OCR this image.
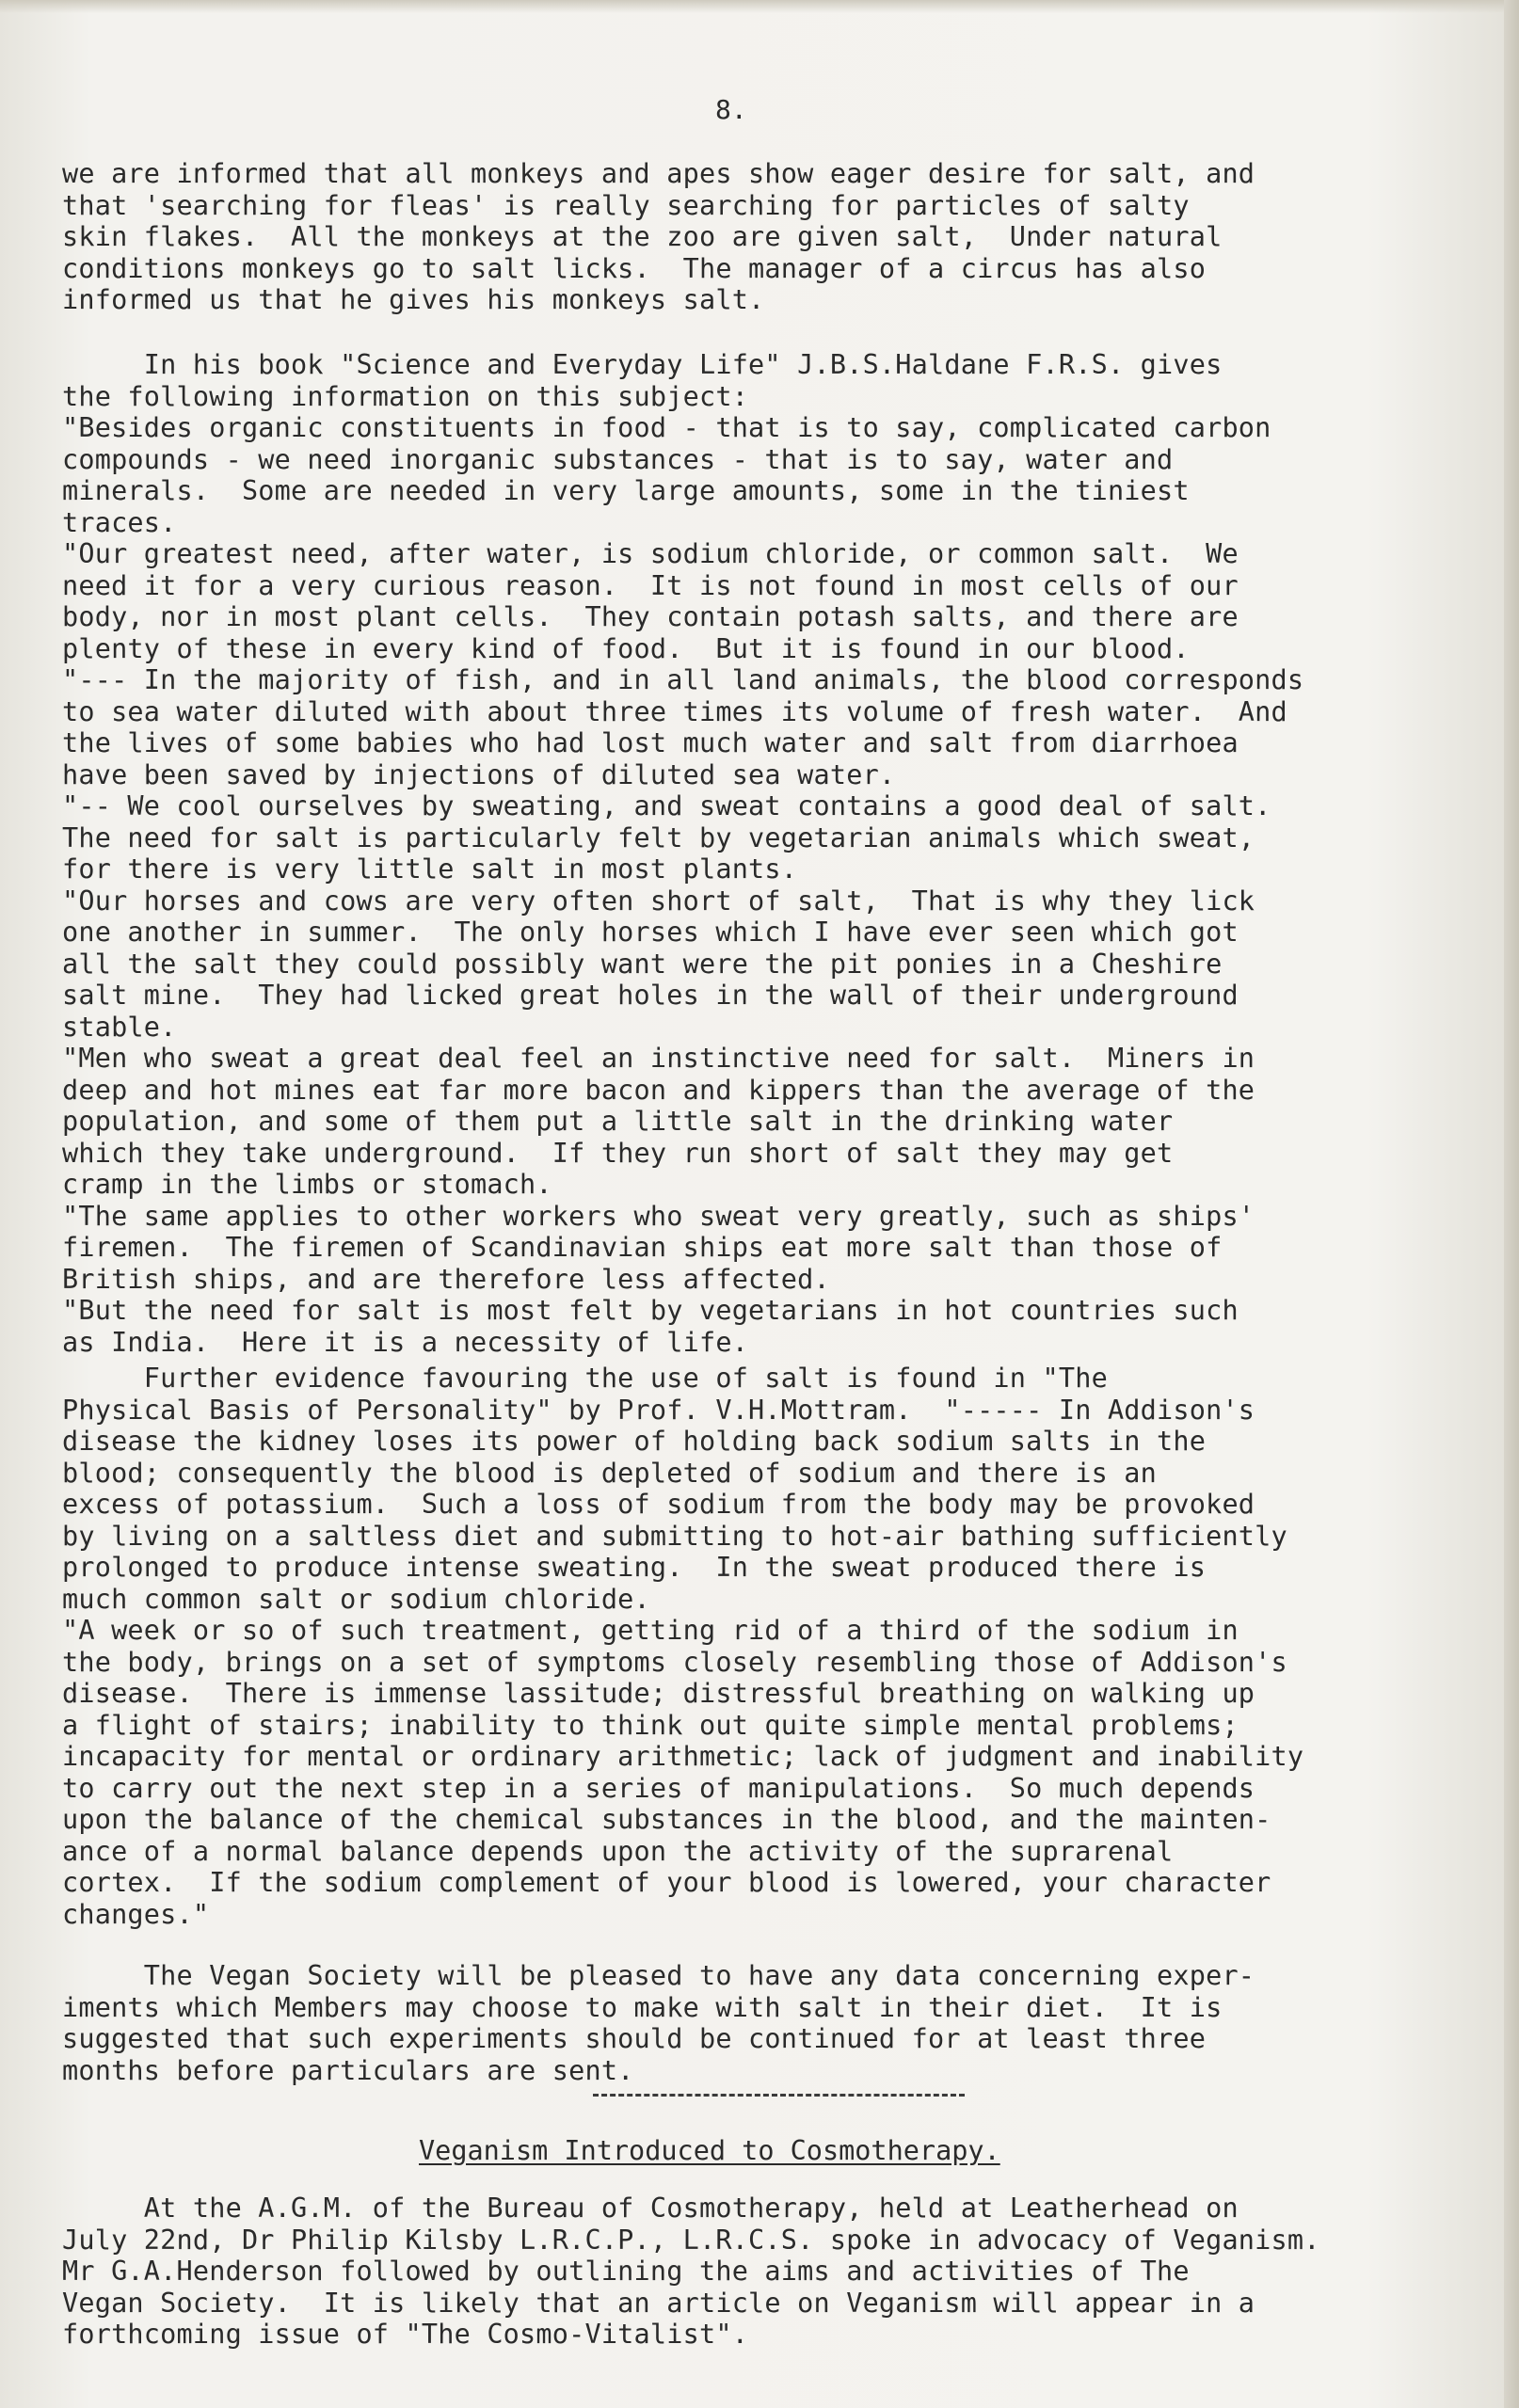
8.
we are informed that all monkeys and apes show eager desire for salt, and
that 'searching for fleas' is really searching for particles of salty
skin flakes.  All the monkeys at the zoo are given salt,  Under natural
conditions monkeys go to salt licks.  The manager of a circus has also
informed us that he gives his monkeys salt.
In his book "Science and Everyday Life" J.B.S.Haldane F.R.S. gives
the following information on this subject:
"Besides organic constituents in food - that is to say, complicated carbon
compounds - we need inorganic substances - that is to say, water and
minerals.  Some are needed in very large amounts, some in the tiniest
traces.
"Our greatest need, after water, is sodium chloride, or common salt.  We
need it for a very curious reason.  It is not found in most cells of our
body, nor in most plant cells.  They contain potash salts, and there are
plenty of these in every kind of food.  But it is found in our blood.
"--- In the majority of fish, and in all land animals, the blood corresponds
to sea water diluted with about three times its volume of fresh water.  And
the lives of some babies who had lost much water and salt from diarrhoea
have been saved by injections of diluted sea water.
"-- We cool ourselves by sweating, and sweat contains a good deal of salt.
The need for salt is particularly felt by vegetarian animals which sweat,
for there is very little salt in most plants.
"Our horses and cows are very often short of salt,  That is why they lick
one another in summer.  The only horses which I have ever seen which got
all the salt they could possibly want were the pit ponies in a Cheshire
salt mine.  They had licked great holes in the wall of their underground
stable.
"Men who sweat a great deal feel an instinctive need for salt.  Miners in
deep and hot mines eat far more bacon and kippers than the average of the
population, and some of them put a little salt in the drinking water
which they take underground.  If they run short of salt they may get
cramp in the limbs or stomach.
"The same applies to other workers who sweat very greatly, such as ships'
firemen.  The firemen of Scandinavian ships eat more salt than those of
British ships, and are therefore less affected.
"But the need for salt is most felt by vegetarians in hot countries such
as India.  Here it is a necessity of life.
Further evidence favouring the use of salt is found in "The
Physical Basis of Personality" by Prof. V.H.Mottram.  "----- In Addison's
disease the kidney loses its power of holding back sodium salts in the
blood; consequently the blood is depleted of sodium and there is an
excess of potassium.  Such a loss of sodium from the body may be provoked
by living on a saltless diet and submitting to hot-air bathing sufficiently
prolonged to produce intense sweating.  In the sweat produced there is
much common salt or sodium chloride.
"A week or so of such treatment, getting rid of a third of the sodium in
the body, brings on a set of symptoms closely resembling those of Addison's
disease.  There is immense lassitude; distressful breathing on walking up
a flight of stairs; inability to think out quite simple mental problems;
incapacity for mental or ordinary arithmetic; lack of judgment and inability
to carry out the next step in a series of manipulations.  So much depends
upon the balance of the chemical substances in the blood, and the mainten-
ance of a normal balance depends upon the activity of the suprarenal
cortex.  If the sodium complement of your blood is lowered, your character
changes."
The Vegan Society will be pleased to have any data concerning exper-
iments which Members may choose to make with salt in their diet.  It is
suggested that such experiments should be continued for at least three
months before particulars are sent.
Veganism Introduced to Cosmotherapy.
At the A.G.M. of the Bureau of Cosmotherapy, held at Leatherhead on
July 22nd, Dr Philip Kilsby L.R.C.P., L.R.C.S. spoke in advocacy of Veganism.
Mr G.A.Henderson followed by outlining the aims and activities of The
Vegan Society.  It is likely that an article on Veganism will appear in a
forthcoming issue of "The Cosmo-Vitalist".
